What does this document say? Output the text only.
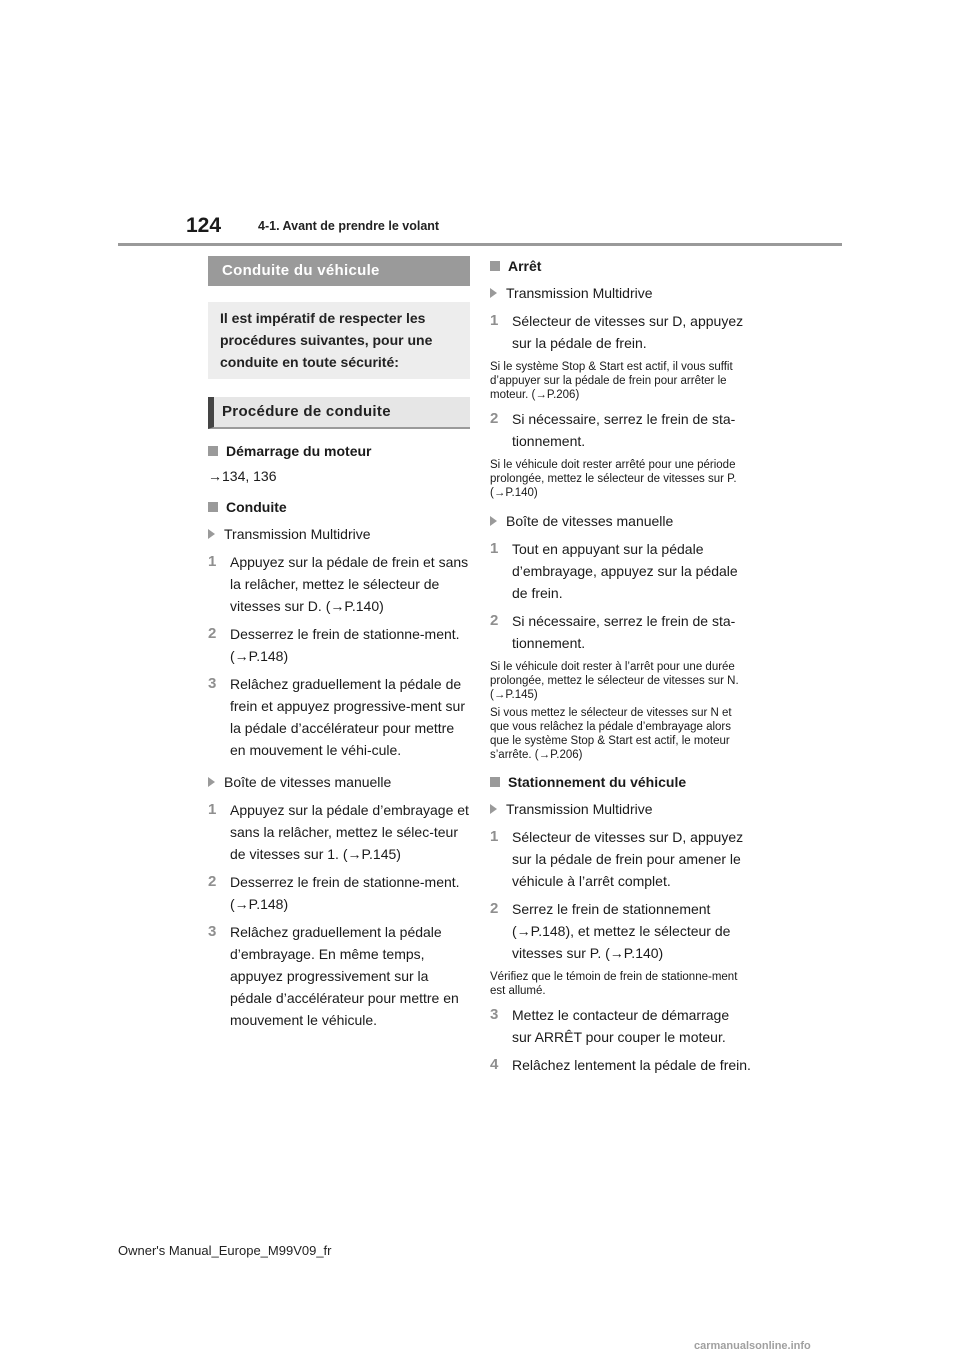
124	4-1. Avant de prendre le volant
Conduite du véhicule
Il est impératif de respecter les procédures suivantes, pour une conduite en toute sécurité:
Procédure de conduite
Démarrage du moteur
→134, 136
Conduite
Transmission Multidrive
1 Appuyez sur la pédale de frein et sans la relâcher, mettez le sélecteur de vitesses sur D. (→P.140)
2 Desserrez le frein de stationne-ment. (→P.148)
3 Relâchez graduellement la pédale de frein et appuyez progressive-ment sur la pédale d’accélérateur pour mettre en mouvement le véhi-cule.
Boîte de vitesses manuelle
1 Appuyez sur la pédale d’embrayage et sans la relâcher, mettez le sélec-teur de vitesses sur 1. (→P.145)
2 Desserrez le frein de stationne-ment. (→P.148)
3 Relâchez graduellement la pédale d’embrayage. En même temps, appuyez progressivement sur la pédale d’accélérateur pour mettre en mouvement le véhicule.
Arrêt
Transmission Multidrive
1 Sélecteur de vitesses sur D, appuyez sur la pédale de frein.
Si le système Stop & Start est actif, il vous suffit d’appuyer sur la pédale de frein pour arrêter le moteur. (→P.206)
2 Si nécessaire, serrez le frein de sta-tionnement.
Si le véhicule doit rester arrêté pour une période prolongée, mettez le sélecteur de vitesses sur P. (→P.140)
Boîte de vitesses manuelle
1 Tout en appuyant sur la pédale d’embrayage, appuyez sur la pédale de frein.
2 Si nécessaire, serrez le frein de sta-tionnement.
Si le véhicule doit rester à l’arrêt pour une durée prolongée, mettez le sélecteur de vitesses sur N. (→P.145)
Si vous mettez le sélecteur de vitesses sur N et que vous relâchez la pédale d’embrayage alors que le système Stop & Start est actif, le moteur s’arrête. (→P.206)
Stationnement du véhicule
Transmission Multidrive
1 Sélecteur de vitesses sur D, appuyez sur la pédale de frein pour amener le véhicule à l’arrêt complet.
2 Serrez le frein de stationnement (→P.148), et mettez le sélecteur de vitesses sur P. (→P.140)
Vérifiez que le témoin de frein de stationne-ment est allumé.
3 Mettez le contacteur de démarrage sur ARRÊT pour couper le moteur.
4 Relâchez lentement la pédale de frein.
Owner's Manual_Europe_M99V09_fr
carmanualsonline.info
